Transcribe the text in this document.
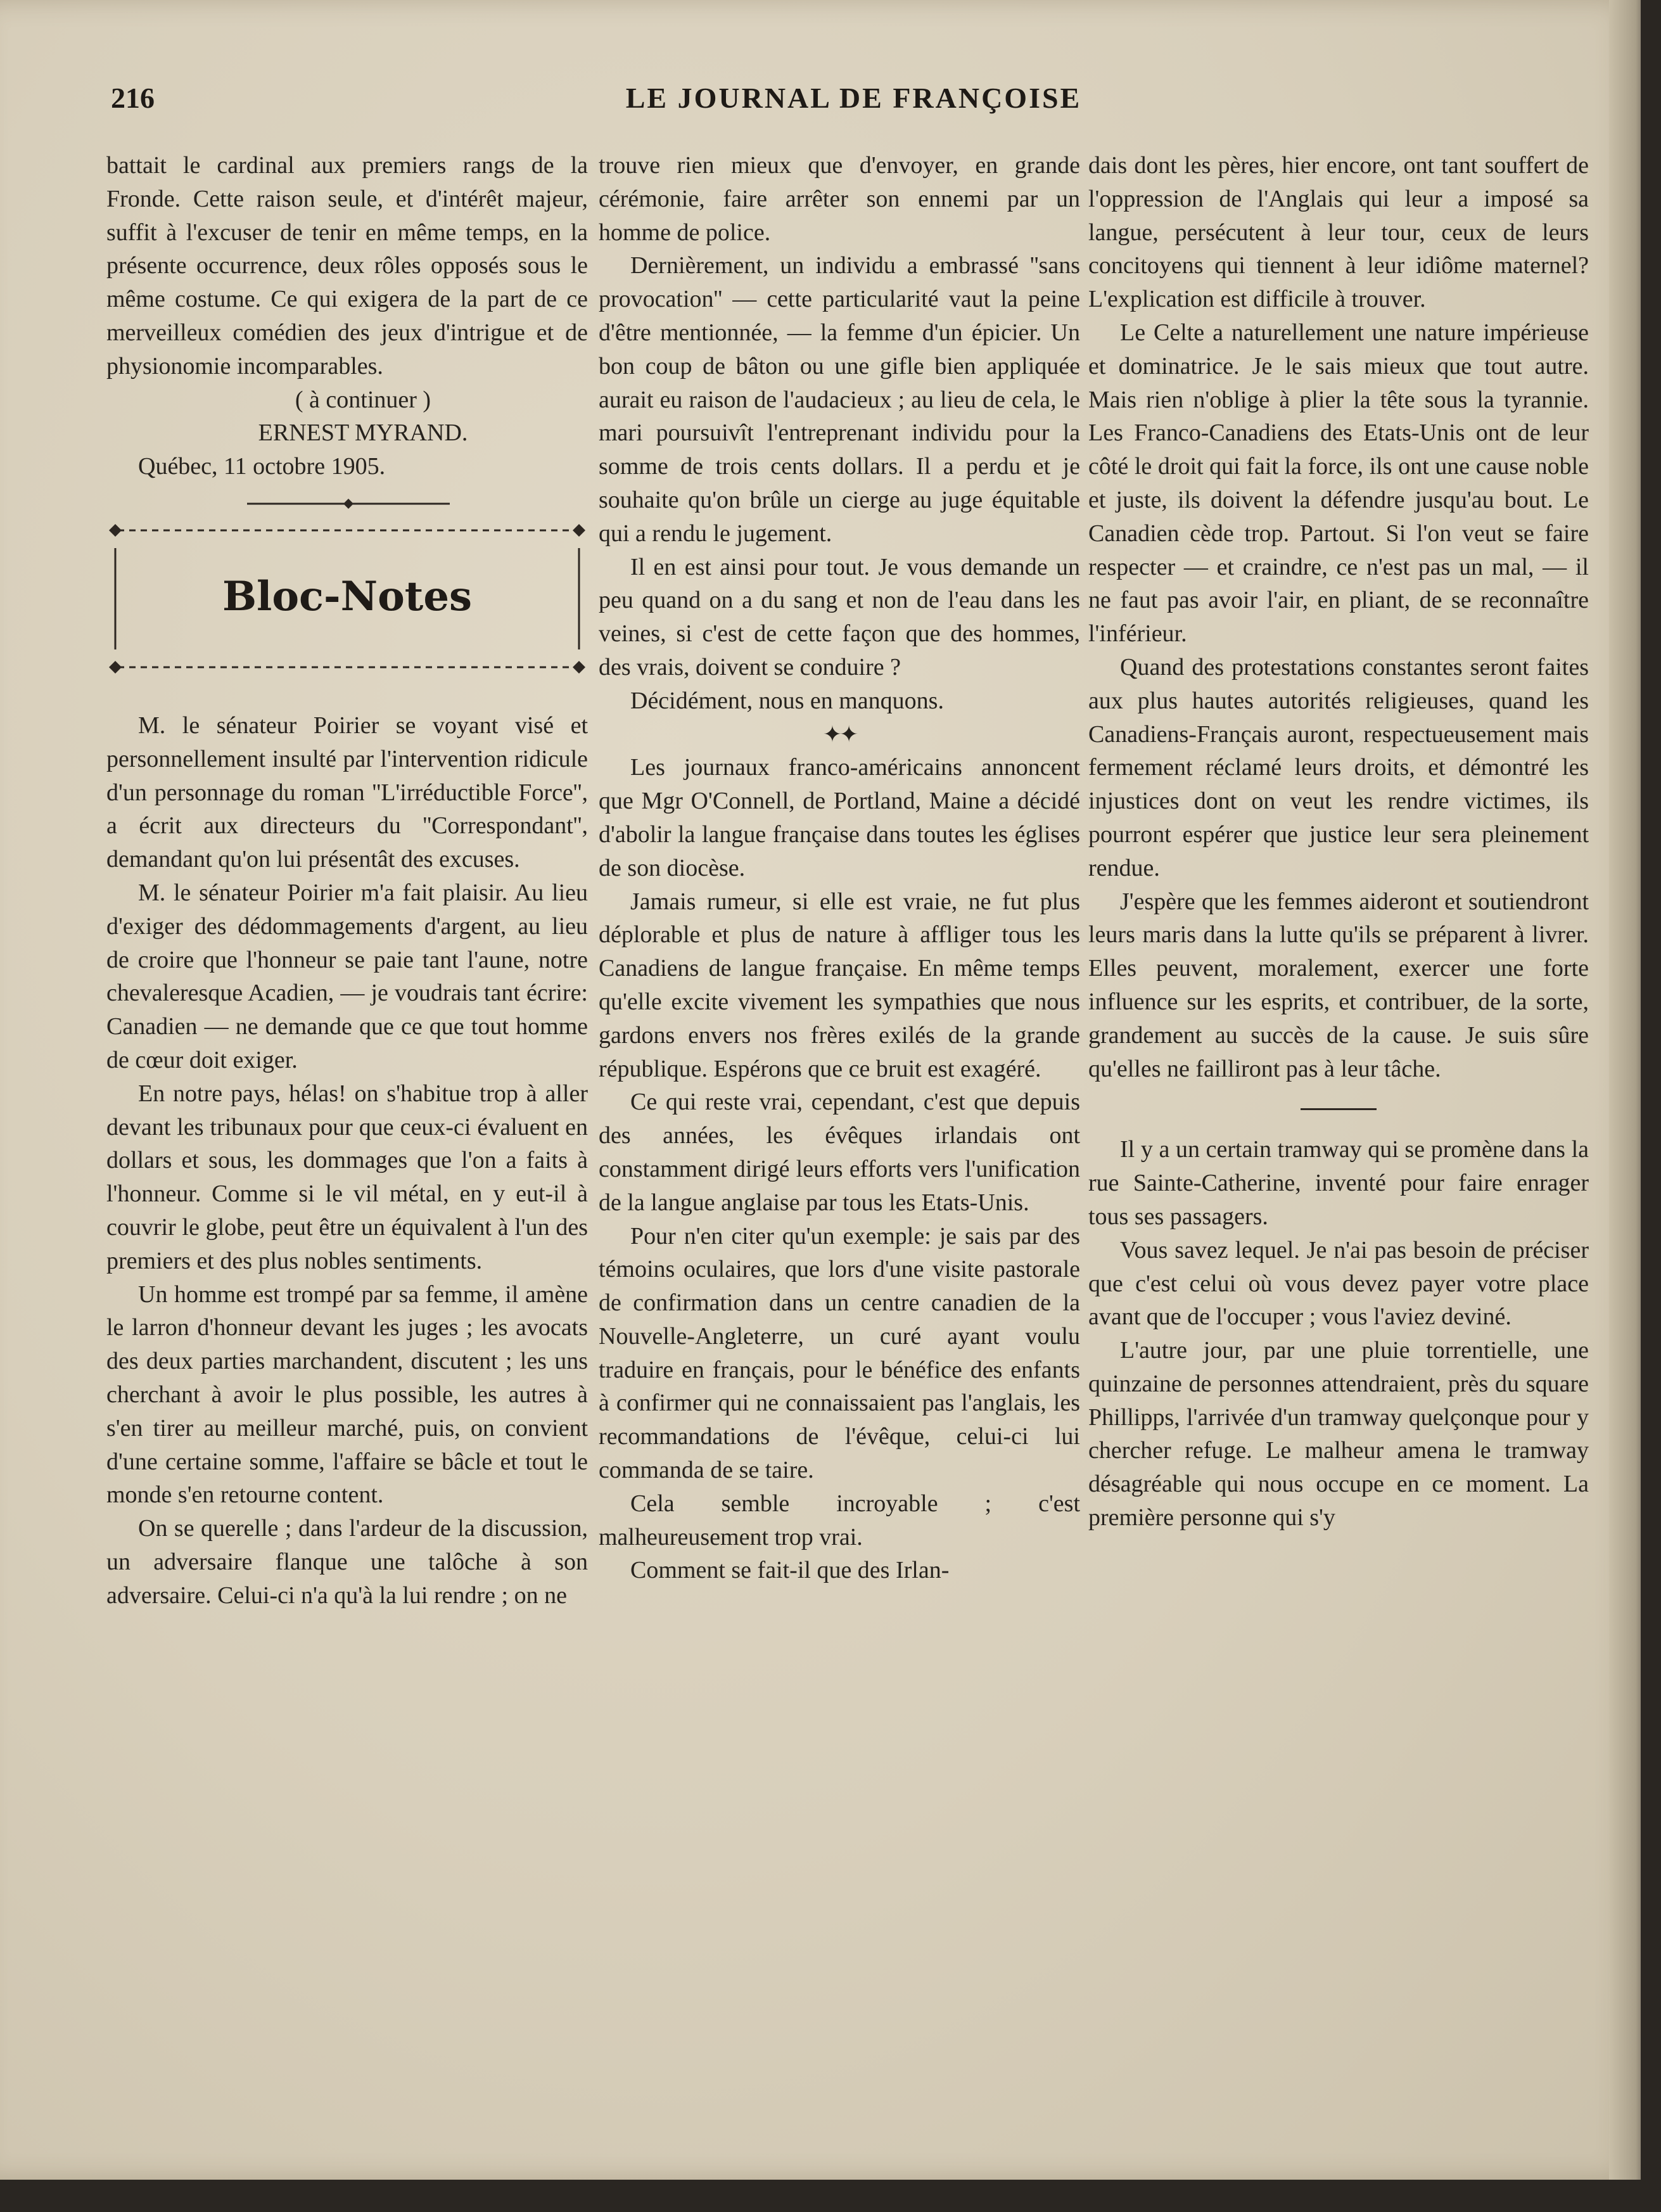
216	LE JOURNAL DE FRANÇOISE

battait le cardinal aux premiers rangs de la Fronde. Cette raison seule, et d'intérêt majeur, suffit à l'excuser de tenir en même temps, en la présente occurrence, deux rôles opposés sous le même costume. Ce qui exigera de la part de ce merveilleux comédien des jeux d'intrigue et de physionomie incomparables.

( à continuer )

ERNEST MYRAND.

Québec, 11 octobre 1905.

Bloc-Notes

M. le sénateur Poirier se voyant visé et personnellement insulté par l'intervention ridicule d'un personnage du roman ''L'irréductible Force'', a écrit aux directeurs du ''Correspondant'', demandant qu'on lui présentât des excuses.

M. le sénateur Poirier m'a fait plaisir. Au lieu d'exiger des dédommagements d'argent, au lieu de croire que l'honneur se paie tant l'aune, notre chevaleresque Acadien, — je voudrais tant écrire: Canadien — ne demande que ce que tout homme de cœur doit exiger.

En notre pays, hélas! on s'habitue trop à aller devant les tribunaux pour que ceux-ci évaluent en dollars et sous, les dommages que l'on a faits à l'honneur. Comme si le vil métal, en y eut-il à couvrir le globe, peut être un équivalent à l'un des premiers et des plus nobles sentiments.

Un homme est trompé par sa femme, il amène le larron d'honneur devant les juges ; les avocats des deux parties marchandent, discutent ; les uns cherchant à avoir le plus possible, les autres à s'en tirer au meilleur marché, puis, on convient d'une certaine somme, l'affaire se bâcle et tout le monde s'en retourne content.

On se querelle ; dans l'ardeur de la discussion, un adversaire flanque une talôche à son adversaire. Celui-ci n'a qu'à la lui rendre ; on ne

trouve rien mieux que d'envoyer, en grande cérémonie, faire arrêter son ennemi par un homme de police.

Dernièrement, un individu a embrassé ''sans provocation'' — cette particularité vaut la peine d'être mentionnée, — la femme d'un épicier. Un bon coup de bâton ou une gifle bien appliquée aurait eu raison de l'audacieux ; au lieu de cela, le mari poursuivît l'entreprenant individu pour la somme de trois cents dollars. Il a perdu et je souhaite qu'on brûle un cierge au juge équitable qui a rendu le jugement.

Il en est ainsi pour tout. Je vous demande un peu quand on a du sang et non de l'eau dans les veines, si c'est de cette façon que des hommes, des vrais, doivent se conduire ?

Décidément, nous en manquons.

✦✦

Les journaux franco-américains annoncent que Mgr O'Connell, de Portland, Maine a décidé d'abolir la langue française dans toutes les églises de son diocèse.

Jamais rumeur, si elle est vraie, ne fut plus déplorable et plus de nature à affliger tous les Canadiens de langue française. En même temps qu'elle excite vivement les sympathies que nous gardons envers nos frères exilés de la grande république. Espérons que ce bruit est exagéré.

Ce qui reste vrai, cependant, c'est que depuis des années, les évêques irlandais ont constamment dirigé leurs efforts vers l'unification de la langue anglaise par tous les Etats-Unis.

Pour n'en citer qu'un exemple: je sais par des témoins oculaires, que lors d'une visite pastorale de confirmation dans un centre canadien de la Nouvelle-Angleterre, un curé ayant voulu traduire en français, pour le bénéfice des enfants à confirmer qui ne connaissaient pas l'anglais, les recommandations de l'évêque, celui-ci lui commanda de se taire.

Cela semble incroyable ; c'est malheureusement trop vrai.

Comment se fait-il que des Irlan-

dais dont les pères, hier encore, ont tant souffert de l'oppression de l'Anglais qui leur a imposé sa langue, persécutent à leur tour, ceux de leurs concitoyens qui tiennent à leur idiôme maternel? L'explication est difficile à trouver.

Le Celte a naturellement une nature impérieuse et dominatrice. Je le sais mieux que tout autre. Mais rien n'oblige à plier la tête sous la tyrannie. Les Franco-Canadiens des Etats-Unis ont de leur côté le droit qui fait la force, ils ont une cause noble et juste, ils doivent la défendre jusqu'au bout. Le Canadien cède trop. Partout. Si l'on veut se faire respecter — et craindre, ce n'est pas un mal, — il ne faut pas avoir l'air, en pliant, de se reconnaître l'inférieur.

Quand des protestations constantes seront faites aux plus hautes autorités religieuses, quand les Canadiens-Français auront, respectueusement mais fermement réclamé leurs droits, et démontré les injustices dont on veut les rendre victimes, ils pourront espérer que justice leur sera pleinement rendue.

J'espère que les femmes aideront et soutiendront leurs maris dans la lutte qu'ils se préparent à livrer. Elles peuvent, moralement, exercer une forte influence sur les esprits, et contribuer, de la sorte, grandement au succès de la cause. Je suis sûre qu'elles ne failliront pas à leur tâche.

Il y a un certain tramway qui se promène dans la rue Sainte-Catherine, inventé pour faire enrager tous ses passagers.

Vous savez lequel. Je n'ai pas besoin de préciser que c'est celui où vous devez payer votre place avant que de l'occuper ; vous l'aviez deviné.

L'autre jour, par une pluie torrentielle, une quinzaine de personnes attendraient, près du square Phillipps, l'arrivée d'un tramway quelçonque pour y chercher refuge. Le malheur amena le tramway désagréable qui nous occupe en ce moment. La première personne qui s'y
